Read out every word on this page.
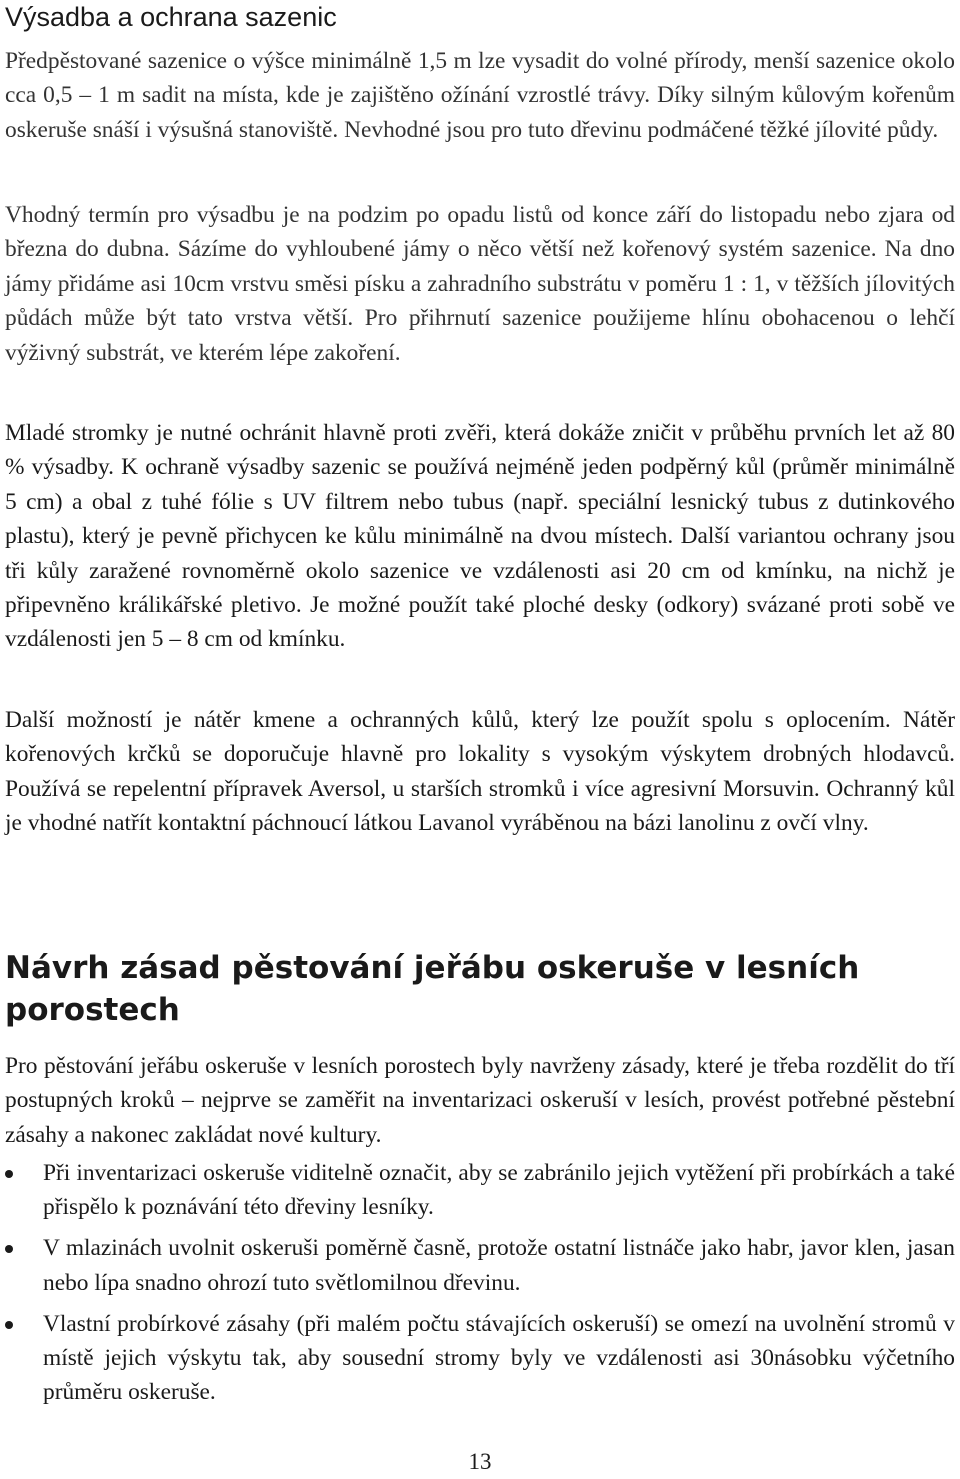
Výsadba a ochrana sazenic

Předpěstované sazenice o výšce minimálně 1,5 m lze vysadit do volné přírody, menší sazenice okolo cca 0,5 – 1 m sadit na místa, kde je zajištěno ožínání vzrostlé trávy. Díky silným kůlovým kořenům oskeruše snáší i výsušná stanoviště. Nevhodné jsou pro tuto dřevinu podmáčené těžké jílovité půdy.

Vhodný termín pro výsadbu je na podzim po opadu listů od konce září do listopadu nebo zjara od března do dubna. Sázíme do vyhloubené jámy o něco větší než kořenový systém sazenice. Na dno jámy přidáme asi 10cm vrstvu směsi písku a zahradního substrátu v poměru 1 : 1, v těžších jílovitých půdách může být tato vrstva větší. Pro přihrnutí sazenice použijeme hlínu obohacenou o lehčí výživný substrát, ve kterém lépe zakoření.

Mladé stromky je nutné ochránit hlavně proti zvěři, která dokáže zničit v průběhu prvních let až 80 % výsadby. K ochraně výsadby sazenic se používá nejméně jeden podpěrný kůl (průměr minimálně 5 cm) a obal z tuhé fólie s UV filtrem nebo tubus (např. speciální lesnický tubus z dutinkového plastu), který je pevně přichycen ke kůlu minimálně na dvou místech. Další variantou ochrany jsou tři kůly zaražené rovnoměrně okolo sazenice ve vzdálenosti asi 20 cm od kmínku, na nichž je připevněno králikářské pletivo. Je možné použít také ploché desky (odkory) svázané proti sobě ve vzdálenosti jen 5 – 8 cm od kmínku.

Další možností je nátěr kmene a ochranných kůlů, který lze použít spolu s oplocením. Nátěr kořenových krčků se doporučuje hlavně pro lokality s vysokým výskytem drobných hlodavců. Používá se repelentní přípravek Aversol, u starších stromků i více agresivní Morsuvin. Ochranný kůl je vhodné natřít kontaktní páchnoucí látkou Lavanol vyráběnou na bázi lanolinu z ovčí vlny.

Návrh zásad pěstování jeřábu oskeruše v lesních porostech

Pro pěstování jeřábu oskeruše v lesních porostech byly navrženy zásady, které je třeba rozdělit do tří postupných kroků – nejprve se zaměřit na inventarizaci oskeruší v lesích, provést potřebné pěstební zásahy a nakonec zakládat nové kultury.

Při inventarizaci oskeruše viditelně označit, aby se zabránilo jejich vytěžení při probírkách a také přispělo k poznávání této dřeviny lesníky.
V mlazinách uvolnit oskeruši poměrně časně, protože ostatní listnáče jako habr, javor klen, jasan nebo lípa snadno ohrozí tuto světlomilnou dřevinu.
Vlastní probírkové zásahy (při malém počtu stávajících oskeruší) se omezí na uvolnění stromů v místě jejich výskytu tak, aby sousední stromy byly ve vzdálenosti asi 30násobku výčetního průměru oskeruše.
13
